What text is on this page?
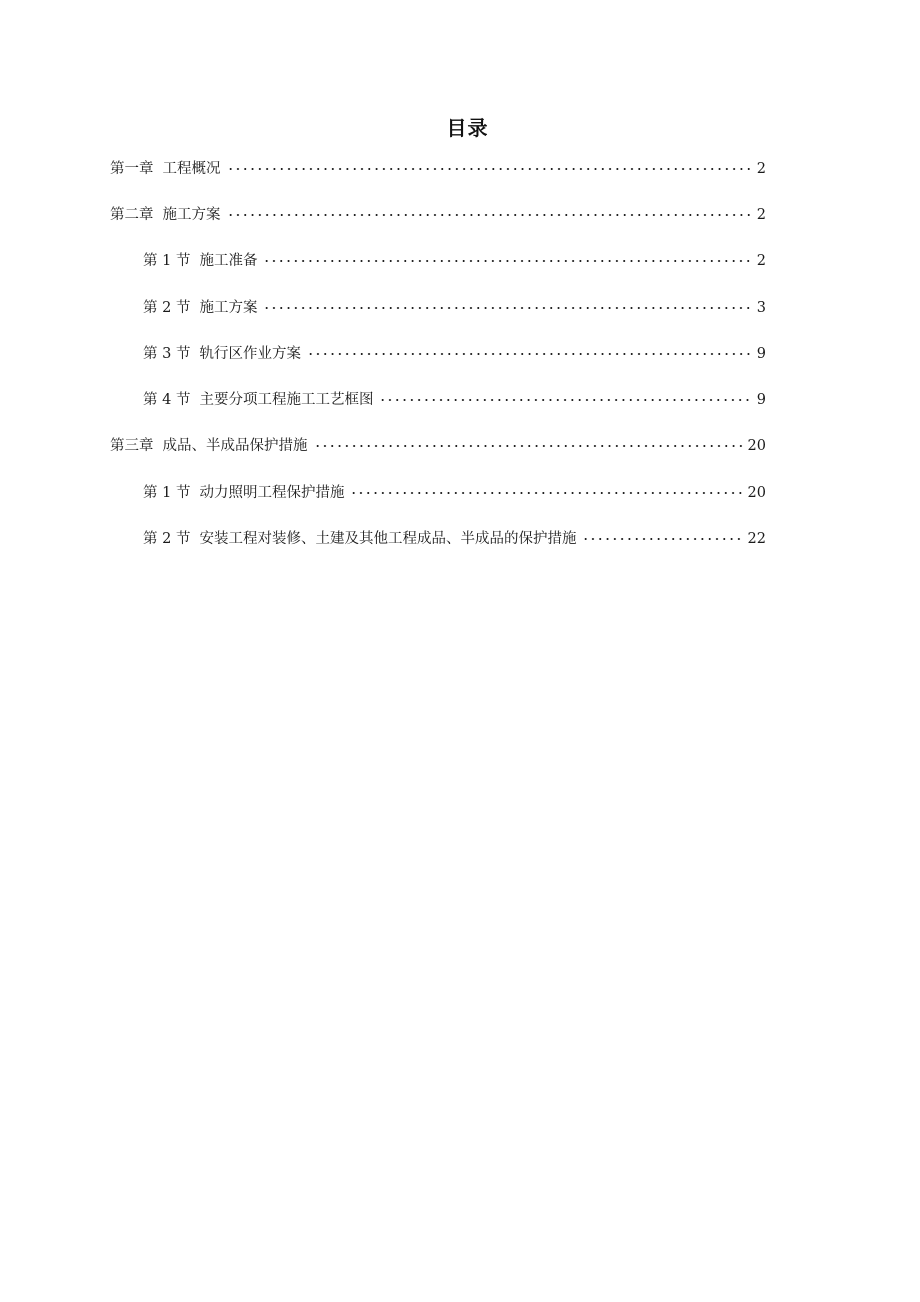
目录
第一章 工程概况	2
第二章 施工方案	2
第 1 节 施工准备	2
第 2 节 施工方案	3
第 3 节 轨行区作业方案	9
第 4 节 主要分项工程施工工艺框图	9
第三章 成品、半成品保护措施	20
第 1 节 动力照明工程保护措施	20
第 2 节 安装工程对装修、土建及其他工程成品、半成品的保护措施	22
